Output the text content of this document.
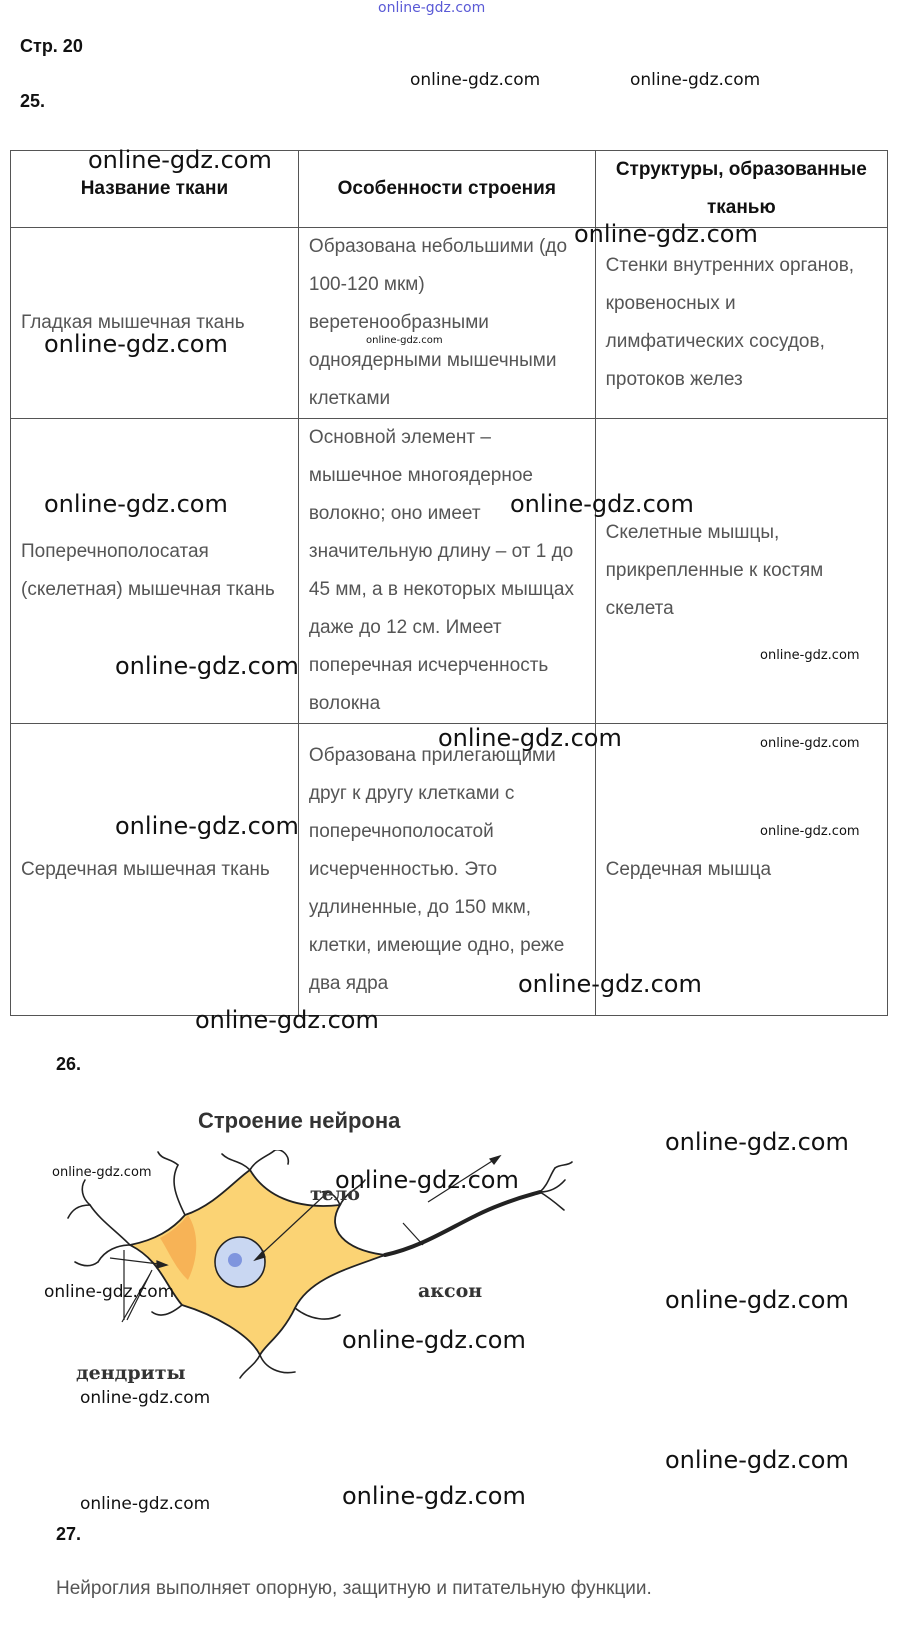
online-gdz.com
Стр. 20
25.
Название ткани	Особенности строения	Структуры, образованные тканью
Гладкая мышечная ткань	Образована небольшими (до 100-120 мкм) веретенообразными одноядерными мышечными клетками	Стенки внутренних органов, кровеносных и лимфатических сосудов, протоков желез
Поперечнополосатая (скелетная) мышечная ткань	Основной элемент – мышечное многоядерное волокно; оно имеет значительную длину – от 1 до 45 мм, а в некоторых мышцах даже до 12 см. Имеет поперечная исчерченность волокна	Скелетные мышцы, прикрепленные к костям скелета
Сердечная мышечная ткань	Образована прилегающими друг к другу клетками с поперечнополосатой исчерченностью. Это удлиненные, до 150 мкм, клетки, имеющие одно, реже два ядра	Сердечная мышца
26.
Строение нейрона
тело
аксон
дендриты
27.
Нейроглия выполняет опорную, защитную и питательную функции.
online-gdz.com	online-gdz.com
online-gdz.com
online-gdz.com
online-gdz.com	online-gdz.com
online-gdz.com	online-gdz.com
online-gdz.com	online-gdz.com
online-gdz.com	online-gdz.com
online-gdz.com	online-gdz.com
online-gdz.com
online-gdz.com
online-gdz.com
online-gdz.com	online-gdz.com
online-gdz.com	online-gdz.com
online-gdz.com
online-gdz.com
online-gdz.com
online-gdz.com
online-gdz.com
